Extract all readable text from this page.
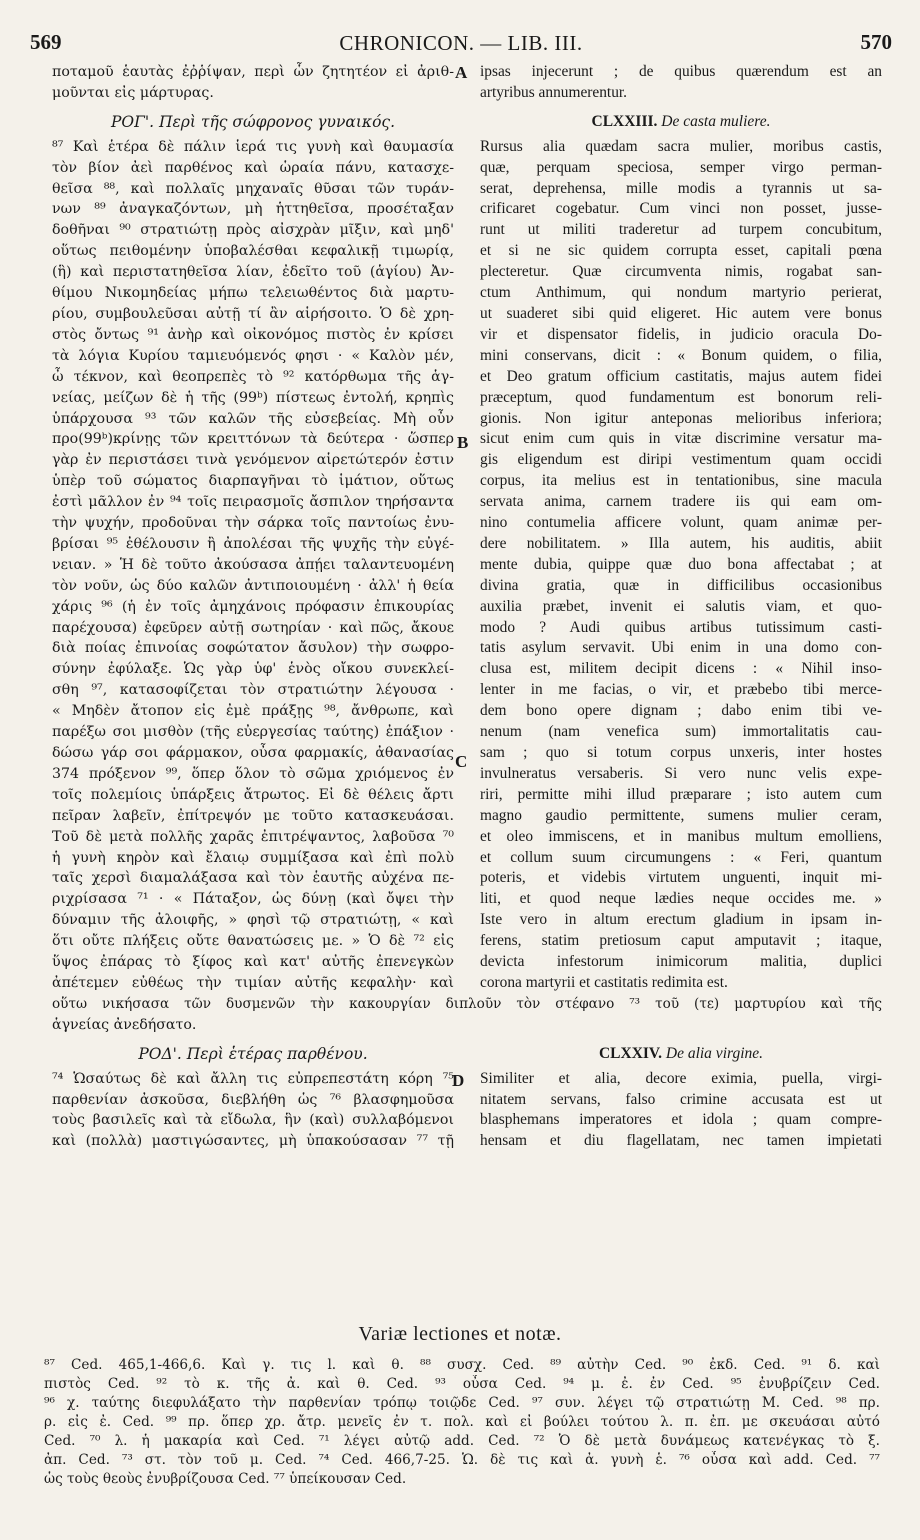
569	CHRONICON. — LIB. III.	570
A
B
C
D
ποταμοῦ ἑαυτὰς ἐῤῥίψαν, περὶ ὧν ζητητέον εἰ ἀριθ-
μοῦνται εἰς μάρτυρας.
ΡΟΓ'. Περὶ τῆς σώφρονος γυναικός.
⁸⁷ Καὶ ἑτέρα δὲ πάλιν ἱερά τις γυνὴ καὶ θαυμασία
τὸν βίον ἀεὶ παρθένος καὶ ὡραία πάνυ, κατασχε-
θεῖσα ⁸⁸, καὶ πολλαῖς μηχαναῖς θῦσαι τῶν τυράν-
νων ⁸⁹ ἀναγκαζόντων, μὴ ἡττηθεῖσα, προσέταξαν
δοθῆναι ⁹⁰ στρατιώτῃ πρὸς αἰσχρὰν μῖξιν, καὶ μηδ'
οὕτως πειθομένην ὑποβαλέσθαι κεφαλικῇ τιμωρίᾳ,
(ἣ) καὶ περιστατηθεῖσα λίαν, ἐδεῖτο τοῦ (ἁγίου) Ἀν-
θίμου Νικομηδείας μήπω τελειωθέντος διὰ μαρτυ-
ρίου, συμβουλεῦσαι αὐτῇ τί ἂν αἱρήσοιτο. Ὁ δὲ χρη-
στὸς ὄντως ⁹¹ ἀνὴρ καὶ οἰκονόμος πιστὸς ἐν κρίσει
τὰ λόγια Κυρίου ταμιευόμενός φησι · « Καλὸν μέν,
ὦ τέκνον, καὶ θεοπρεπὲς τὸ ⁹² κατόρθωμα τῆς ἁγ-
νείας, μείζων δὲ ἡ τῆς (99ᵇ) πίστεως ἐντολή, κρηπὶς
ὑπάρχουσα ⁹³ τῶν καλῶν τῆς εὐσεβείας. Μὴ οὖν
πρo(99ᵇ)κρίνῃς τῶν κρειττόνων τὰ δεύτερα · ὥσπερ
γὰρ ἐν περιστάσει τινὰ γενόμενον αἱρετώτερόν ἐστιν
ὑπὲρ τοῦ σώματος διαρπαγῆναι τὸ ἱμάτιον, οὕτως
ἐστὶ μᾶλλον ἐν ⁹⁴ τοῖς πειρασμοῖς ἄσπιλον τηρήσαντα
τὴν ψυχήν, προδοῦναι τὴν σάρκα τοῖς παντοίως ἐνυ-
βρίσαι ⁹⁵ ἐθέλουσιν ἢ ἀπολέσαι τῆς ψυχῆς τὴν εὐγέ-
νειαν. » Ἡ δὲ τοῦτο ἀκούσασα ἀπῄει ταλαντευομένη
τὸν νοῦν, ὡς δύο καλῶν ἀντιποιουμένη · ἀλλ' ἡ θεία
χάρις ⁹⁶ (ἡ ἐν τοῖς ἀμηχάνοις πρόφασιν ἐπικουρίας
παρέχουσα) ἐφεῦρεν αὐτῇ σωτηρίαν · καὶ πῶς, ἄκουε
διὰ ποίας ἐπινοίας σοφώτατον ἄσυλον) τὴν σωφρο-
σύνην ἐφύλαξε. Ὡς γὰρ ὑφ' ἑνὸς οἴκου συνεκλεί-
σθη ⁹⁷, κατασοφίζεται τὸν στρατιώτην λέγουσα ·
« Μηδὲν ἄτοπον εἰς ἐμὲ πράξῃς ⁹⁸, ἄνθρωπε, καὶ
παρέξω σοι μισθὸν (τῆς εὐεργεσίας ταύτης) ἐπάξιον ·
δώσω γάρ σοι φάρμακον, οὖσα φαρμακίς, ἀθανασίας
374 πρόξενον ⁹⁹, ὅπερ ὅλον τὸ σῶμα χριόμενος ἐν
τοῖς πολεμίοις ὑπάρξεις ἄτρωτος. Εἰ δὲ θέλεις ἄρτι
πεῖραν λαβεῖν, ἐπίτρεψόν με τοῦτο κατασκευάσαι.
Τοῦ δὲ μετὰ πολλῆς χαρᾶς ἐπιτρέψαντος, λαβοῦσα ⁷⁰
ἡ γυνὴ κηρὸν καὶ ἔλαιῳ συμμίξασα καὶ ἐπὶ πολὺ
ταῖς χερσὶ διαμαλάξασα καὶ τὸν ἑαυτῆς αὐχένα πε-
ριχρίσασα ⁷¹ · « Πάταξον, ὡς δύνῃ (καὶ ὄψει τὴν
δύναμιν τῆς ἀλοιφῆς, » φησὶ τῷ στρατιώτῃ, « καὶ
ὅτι οὔτε πλήξεις οὔτε θανατώσεις με. » Ὁ δὲ ⁷² εἰς
ὕψος ἐπάρας τὸ ξίφος καὶ κατ' αὐτῆς ἐπενεγκὼν
ἀπέτεμεν εὐθέως τὴν τιμίαν αὐτῆς κεφαλὴν· καὶ
οὕτω νικήσασα τῶν δυσμενῶν τὴν κακουργίαν διπλοῦν τὸν στέφανο ⁷³ τοῦ (τε) μαρτυρίου καὶ τῆς
ἁγνείας ἀνεδήσατο.
ΡΟΔ'. Περὶ ἑτέρας παρθένου.
⁷⁴ Ὡσαύτως δὲ καὶ ἄλλη τις εὐπρεπεστάτη κόρη ⁷⁵
παρθενίαν ἀσκοῦσα, διεβλήθη ὡς ⁷⁶ βλασφημοῦσα
τοὺς βασιλεῖς καὶ τὰ εἴδωλα, ἣν (καὶ) συλλαβόμενοι
καὶ (πολλὰ) μαστιγώσαντες, μὴ ὑπακούσασαν ⁷⁷ τῇ
ipsas injecerunt ; de quibus quærendum est an
artyribus annumerentur.
CLXXIII. De casta muliere.
Rursus alia quædam sacra mulier, moribus castis,
quæ, perquam speciosa, semper virgo perman-
serat, deprehensa, mille modis a tyrannis ut sa-
crificaret cogebatur. Cum vinci non posset, jusse-
runt ut militi traderetur ad turpem concubitum,
et si ne sic quidem corrupta esset, capitali pœna
plecteretur. Quæ circumventa nimis, rogabat san-
ctum Anthimum, qui nondum martyrio perierat,
ut suaderet sibi quid eligeret. Hic autem vere bonus
vir et dispensator fidelis, in judicio oracula Do-
mini conservans, dicit : « Bonum quidem, o filia,
et Deo gratum officium castitatis, majus autem fidei
præceptum, quod fundamentum est bonorum reli-
gionis. Non igitur anteponas melioribus inferiora;
sicut enim cum quis in vitæ discrimine versatur ma-
gis eligendum est diripi vestimentum quam occidi
corpus, ita melius est in tentationibus, sine macula
servata anima, carnem tradere iis qui eam om-
nino contumelia afficere volunt, quam animæ per-
dere nobilitatem. » Illa autem, his auditis, abiit
mente dubia, quippe quæ duo bona affectabat ; at
divina gratia, quæ in difficilibus occasionibus
auxilia præbet, invenit ei salutis viam, et quo-
modo ? Audi quibus artibus tutissimum casti-
tatis asylum servavit. Ubi enim in una domo con-
clusa est, militem decipit dicens : « Nihil inso-
lenter in me facias, o vir, et præbebo tibi merce-
dem bono opere dignam ; dabo enim tibi ve-
nenum (nam venefica sum) immortalitatis cau-
sam ; quo si totum corpus unxeris, inter hostes
invulneratus versaberis. Si vero nunc velis expe-
riri, permitte mihi illud præparare ; isto autem cum
magno gaudio permittente, sumens mulier ceram,
et oleo immiscens, et in manibus multum emolliens,
et collum suum circumungens : « Feri, quantum
poteris, et videbis virtutem unguenti, inquit mi-
liti, et quod neque lædies neque occides me. »
Iste vero in altum erectum gladium in ipsam in-
ferens, statim pretiosum caput amputavit ; itaque,
devicta infestorum inimicorum malitia, duplici
corona martyrii et castitatis redimita est.

CLXXIV. De alia virgine.
Similiter et alia, decore eximia, puella, virgi-
nitatem servans, falso crimine accusata est ut
blasphemans imperatores et idola ; quam compre-
hensam et diu flagellatam, nec tamen impietati
Variæ lectiones et notæ.
⁸⁷ Ced. 465,1-466,6. Καὶ γ. τις l. καὶ θ. ⁸⁸ συσχ. Ced. ⁸⁹ αὐτὴν Ced. ⁹⁰ ἐκδ. Ced. ⁹¹ δ. καὶ
πιστὸς Ced. ⁹² τὸ κ. τῆς ἀ. καὶ θ. Ced. ⁹³ οὖσα Ced. ⁹⁴ μ. ἐ. ἐν Ced. ⁹⁵ ἐνυβρίζειν Ced.
⁹⁶ χ. ταύτης διεφυλάξατο τὴν παρθενίαν τρόπῳ τοιῷδε Ced. ⁹⁷ συν. λέγει τῷ στρατιώτῃ M. Ced. ⁹⁸ πρ.
ρ. εἰς ἐ. Ced. ⁹⁹ πρ. ὅπερ χρ. ἄτρ. μενεῖς ἐν τ. πολ. καὶ εἰ βούλει τούτου λ. π. ἐπ. με σκευάσαι αὐτό
Ced. ⁷⁰ λ. ἡ μακαρία καὶ Ced. ⁷¹ λέγει αὐτῷ add. Ced. ⁷² Ὁ δὲ μετὰ δυνάμεως κατενέγκας τὸ ξ.
ἀπ. Ced. ⁷³ στ. τὸν τοῦ μ. Ced. ⁷⁴ Ced. 466,7-25. Ὡ. δὲ τις καὶ ἀ. γυνὴ ἑ. ⁷⁶ οὖσα καὶ add. Ced. ⁷⁷
ὡς τοὺς θεοὺς ἐνυβρίζουσα Ced. ⁷⁷ ὑπείκουσαν Ced.
